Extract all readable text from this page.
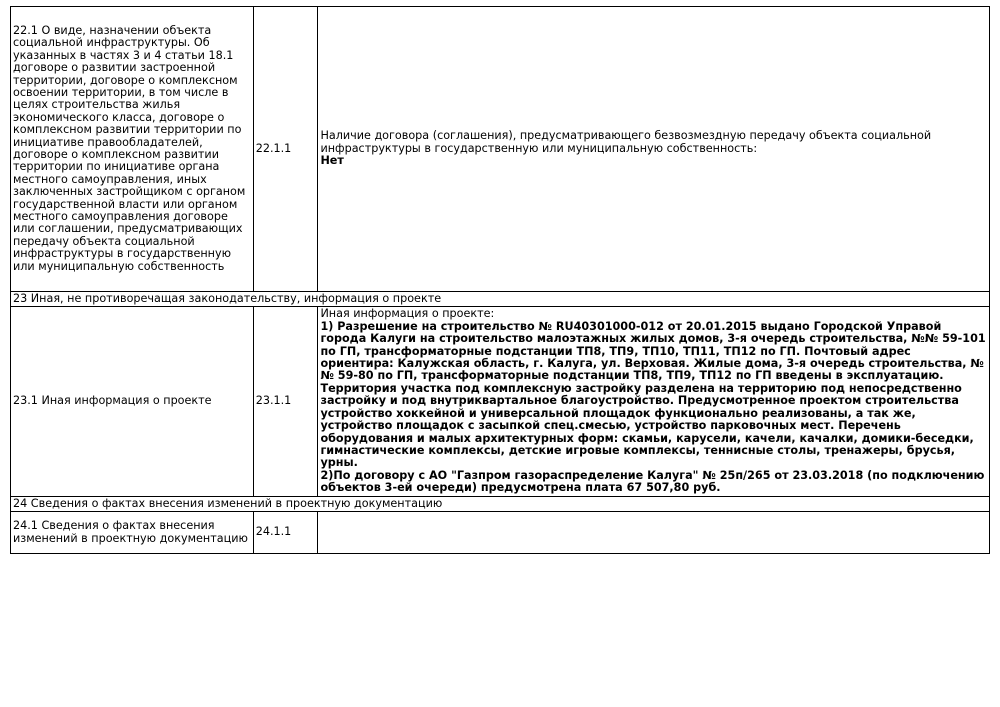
22.1 О виде, назначении объекта социальной инфраструктуры. Об указанных в частях 3 и 4 статьи 18.1 договоре о развитии застроенной территории, договоре о комплексном освоении территории, в том числе в целях строительства жилья экономического класса, договоре о комплексном развитии территории по инициативе правообладателей, договоре о комплексном развитии территории по инициативе органа местного самоуправления, иных заключенных застройщиком с органом государственной власти или органом местного самоуправления договоре или соглашении, предусматривающих передачу объекта социальной инфраструктуры в государственную или муниципальную собственность	22.1.1	Наличие договора (соглашения), предусматривающего безвозмездную передачу объекта социальной инфраструктуры в государственную или муниципальную собственность:
Нет

23 Иная, не противоречащая законодательству, информация о проекте		
23.1 Иная информация о проекте	23.1.1	Иная информация о проекте:
1) Разрешение на строительство № RU40301000-012 от 20.01.2015 выдано Городской Управой города Калуги на строительство малоэтажных жилых домов, 3-я очередь строительства, №№ 59-101 по ГП, трансформаторные подстанции ТП8, ТП9, ТП10, ТП11, ТП12 по ГП. Почтовый адрес ориентира: Калужская область, г. Калуга, ул. Верховая. Жилые дома, 3-я очередь строительства, №№ 59-80 по ГП, трансформаторные подстанции ТП8, ТП9, ТП12 по ГП введены в эксплуатацию. Территория участка под комплексную застройку разделена на территорию под непосредственно застройку и под внутриквартальное благоустройство. Предусмотренное проектом строительства устройство хоккейной и универсальной площадок функционально реализованы, а так же, устройство площадок с засыпкой спец.смесью, устройство парковочных мест. Перечень оборудования и малых архитектурных форм: скамьи, карусели, качели, качалки, домики-беседки, гимнастические комплексы, детские игровые комплексы, теннисные столы, тренажеры, брусья, урны.
2)По договору с АО "Газпром газораспределение Калуга" № 25п/265 от 23.03.2018 (по подключению объектов 3-ей очереди) предусмотрена плата 67 507,80 руб.

24 Сведения о фактах внесения изменений в проектную документацию		
24.1 Сведения о фактах внесения изменений в проектную документацию	24.1.1	
